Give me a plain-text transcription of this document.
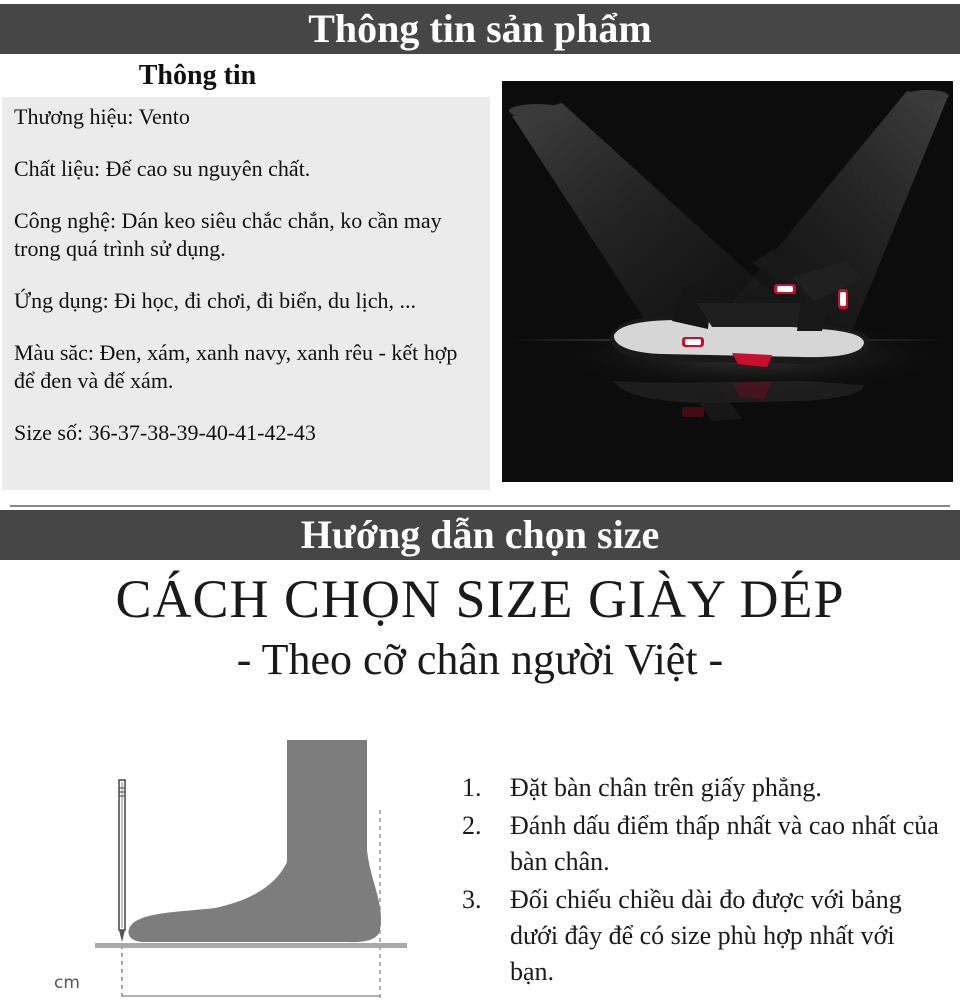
Thông tin sản phẩm
Thông tin

Thương hiệu: Vento

Chất liệu: Đế cao su nguyên chất.

Công nghệ: Dán keo siêu chắc chắn, ko cần may trong quá trình sử dụng.

Ứng dụng: Đi học, đi chơi, đi biển, du lịch, ...

Màu săc: Đen, xám, xanh navy, xanh rêu - kết hợp để đen và đế xám.

Size số: 36-37-38-39-40-41-42-43

Hướng dẫn chọn size
CÁCH CHỌN SIZE GIÀY DÉP
- Theo cỡ chân người Việt -
cm
1. Đặt bàn chân trên giấy phẳng.
2. Đánh dấu điểm thấp nhất và cao nhất của bàn chân.
3. Đối chiếu chiều dài đo được với bảng dưới đây để có size phù hợp nhất với bạn.
